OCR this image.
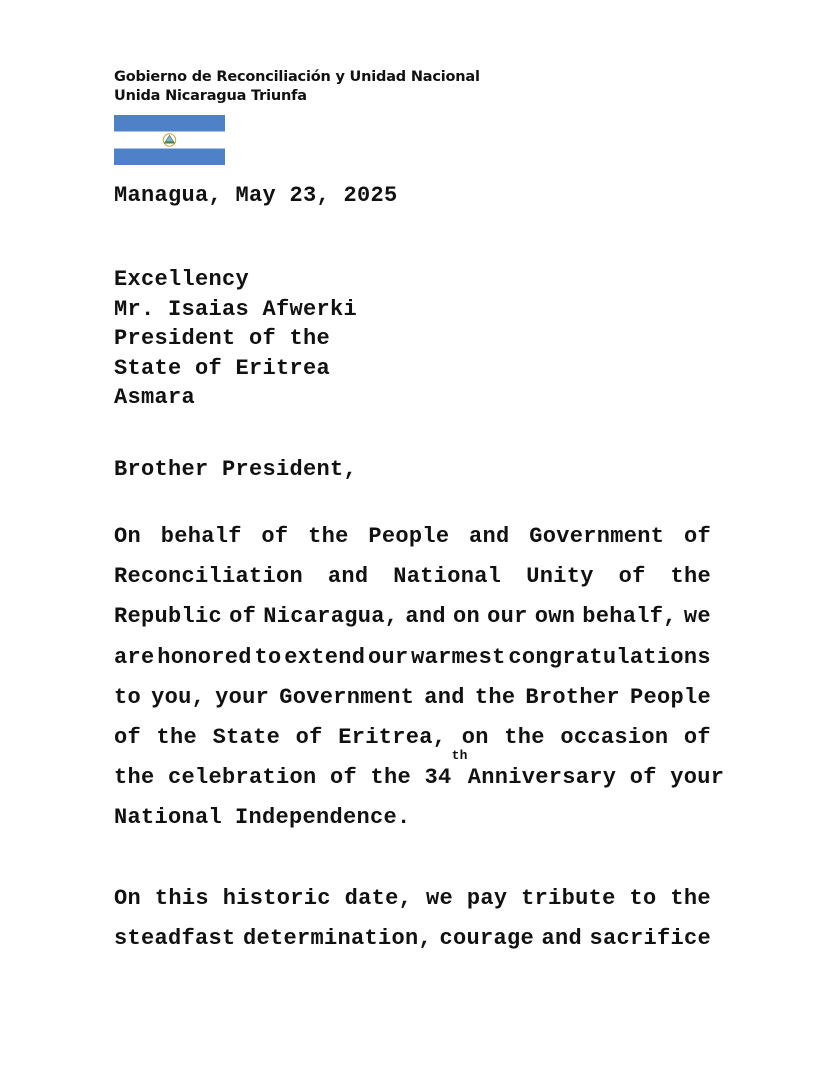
Gobierno de Reconciliación y Unidad Nacional
Unida Nicaragua Triunfa
Managua, May 23, 2025
Excellency
Mr. Isaias Afwerki
President of the
State of Eritrea
Asmara
Brother President,
On behalf of the People and Government of
Reconciliation and National Unity of the
Republic of Nicaragua, and on our own behalf, we
are honored to extend our warmest congratulations
to you, your Government and the Brother People
of the State of Eritrea, on the occasion of
the celebration of the 34
$^{th}$
Anniversary of your
National Independence.
On this historic date, we pay tribute to the
steadfast determination, courage and sacrifice
